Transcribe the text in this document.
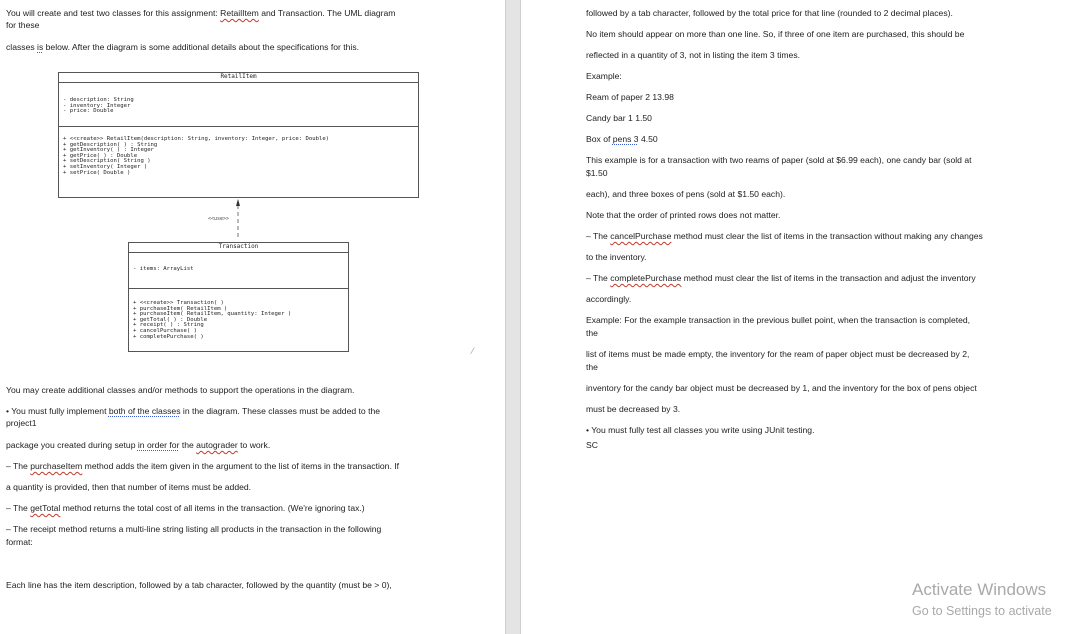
You will create and test two classes for this assignment: RetailItem and Transaction. The UML diagram
for these
classes is below. After the diagram is some additional details about the specifications for this.
RetailItem
- description: String
- inventory: Integer
- price: Double
+ <<create>> RetailItem(description: String, inventory: Integer, price: Double)
+ getDescription( ) : String
+ getInventory( ) : Integer
+ getPrice( ) : Double
+ setDescription( String )
+ setInventory( Integer )
+ setPrice( Double )
<<use>>
Transaction
- items: ArrayList
+ <<create>> Transaction( )
+ purchaseItem( RetailItem )
+ purchaseItem( RetailItem, quantity: Integer )
+ getTotal( ) : Double
+ receipt( ) : String
+ cancelPurchase( )
+ completePurchase( )
You may create additional classes and/or methods to support the operations in the diagram.
• You must fully implement both of the classes in the diagram. These classes must be added to the
project1
package you created during setup in order for the autograder to work.
– The purchaseItem method adds the item given in the argument to the list of items in the transaction. If
a quantity is provided, then that number of items must be added.
– The getTotal method returns the total cost of all items in the transaction. (We're ignoring tax.)
– The receipt method returns a multi-line string listing all products in the transaction in the following
format:
Each line has the item description, followed by a tab character, followed by the quantity (must be > 0),
⁄
followed by a tab character, followed by the total price for that line (rounded to 2 decimal places).
No item should appear on more than one line. So, if three of one item are purchased, this should be
reflected in a quantity of 3, not in listing the item 3 times.
Example:
Ream of paper 2 13.98
Candy bar 1 1.50
Box of pens 3 4.50
This example is for a transaction with two reams of paper (sold at $6.99 each), one candy bar (sold at
$1.50
each), and three boxes of pens (sold at $1.50 each).
Note that the order of printed rows does not matter.
– The cancelPurchase method must clear the list of items in the transaction without making any changes
to the inventory.
– The completePurchase method must clear the list of items in the transaction and adjust the inventory
accordingly.
Example: For the example transaction in the previous bullet point, when the transaction is completed,
the
list of items must be made empty, the inventory for the ream of paper object must be decreased by 2,
the
inventory for the candy bar object must be decreased by 1, and the inventory for the box of pens object
must be decreased by 3.
• You must fully test all classes you write using JUnit testing.
SC
Activate Windows
Go to Settings to activate
